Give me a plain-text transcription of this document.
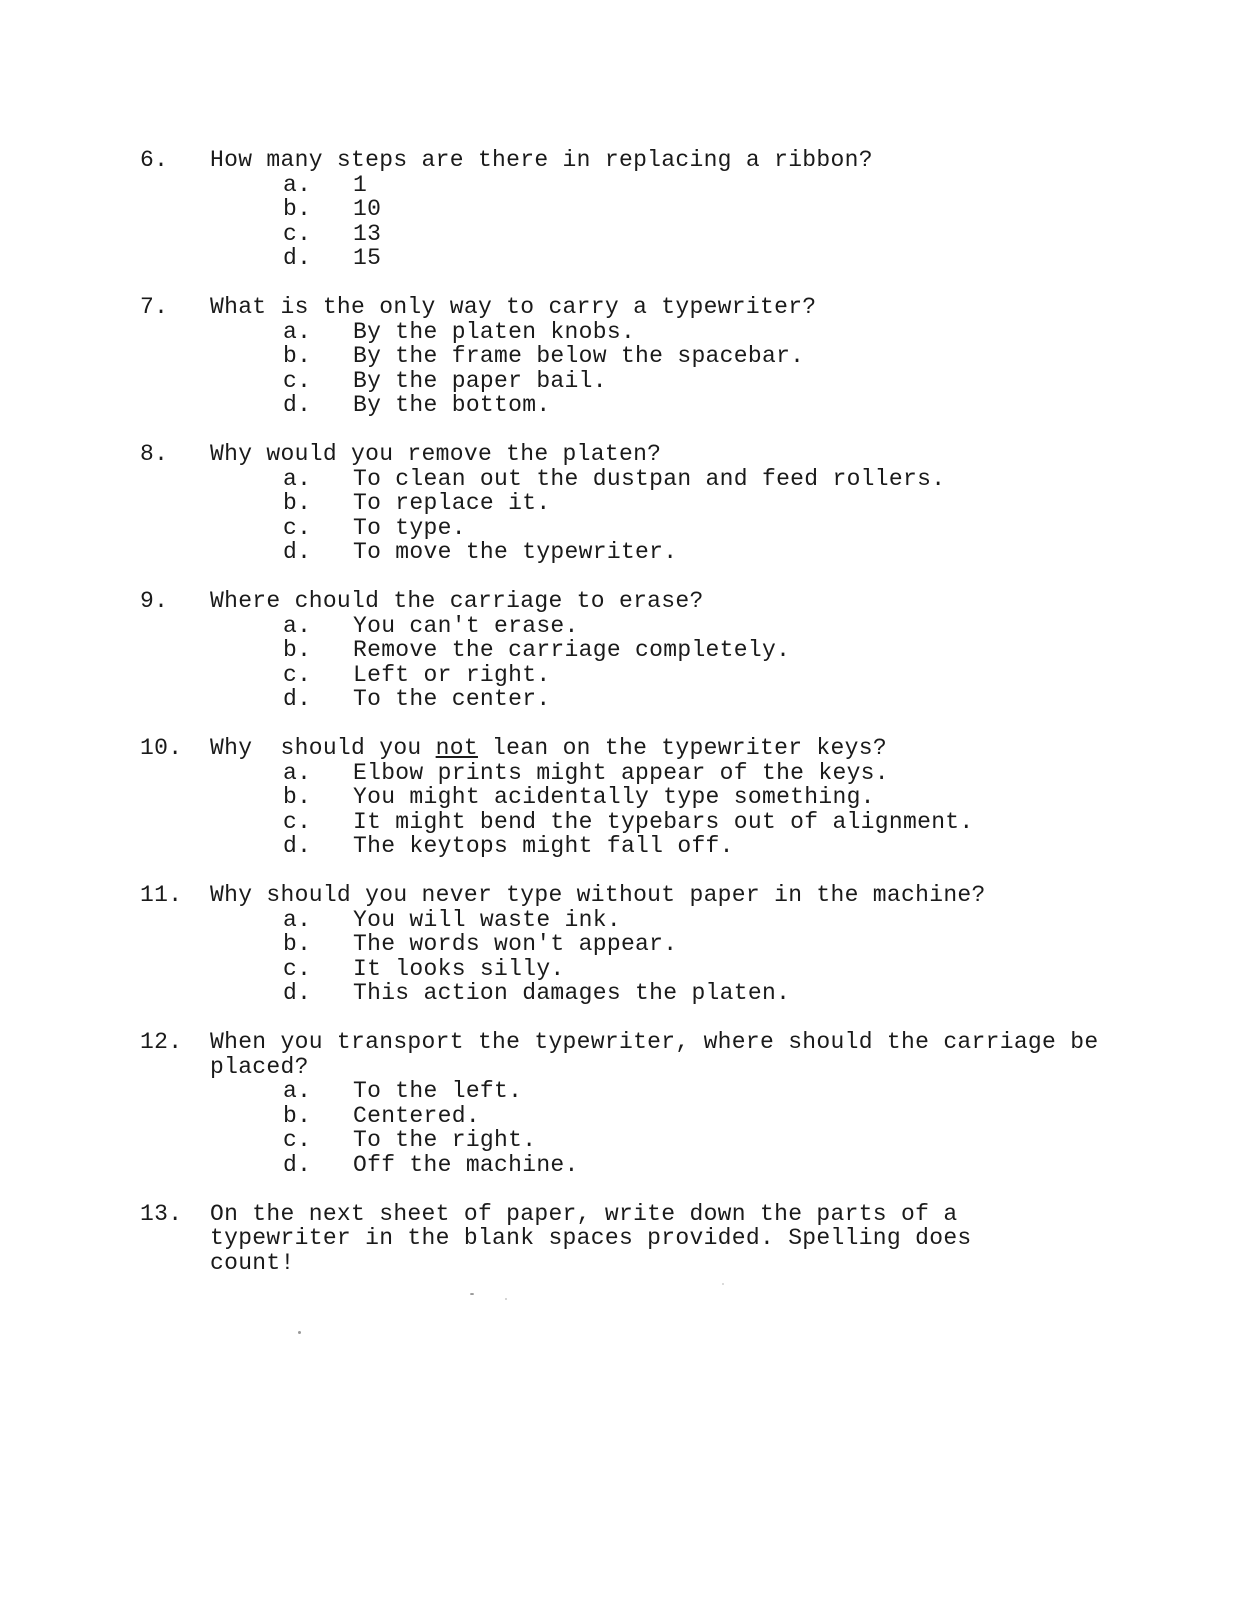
6.	How many steps are there in replacing a ribbon?
a.	1
b.	10
c.	13
d.	15
7.	What is the only way to carry a typewriter?
a.	By the platen knobs.
b.	By the frame below the spacebar.
c.	By the paper bail.
d.	By the bottom.
8.	Why would you remove the platen?
a.	To clean out the dustpan and feed rollers.
b.	To replace it.
c.	To type.
d.	To move the typewriter.
9.	Where chould the carriage to erase?
a.	You can't erase.
b.	Remove the carriage completely.
c.	Left or right.
d.	To the center.
10.	Why  should you not lean on the typewriter keys?
a.	Elbow prints might appear of the keys.
b.	You might acidentally type something.
c.	It might bend the typebars out of alignment.
d.	The keytops might fall off.
11.	Why should you never type without paper in the machine?
a.	You will waste ink.
b.	The words won't appear.
c.	It looks silly.
d.	This action damages the platen.
12.	When you transport the typewriter, where should the carriage be placed?
a.	To the left.
b.	Centered.
c.	To the right.
d.	Off the machine.
13.	On the next sheet of paper, write down the parts of a typewriter in the blank spaces provided. Spelling does count!
